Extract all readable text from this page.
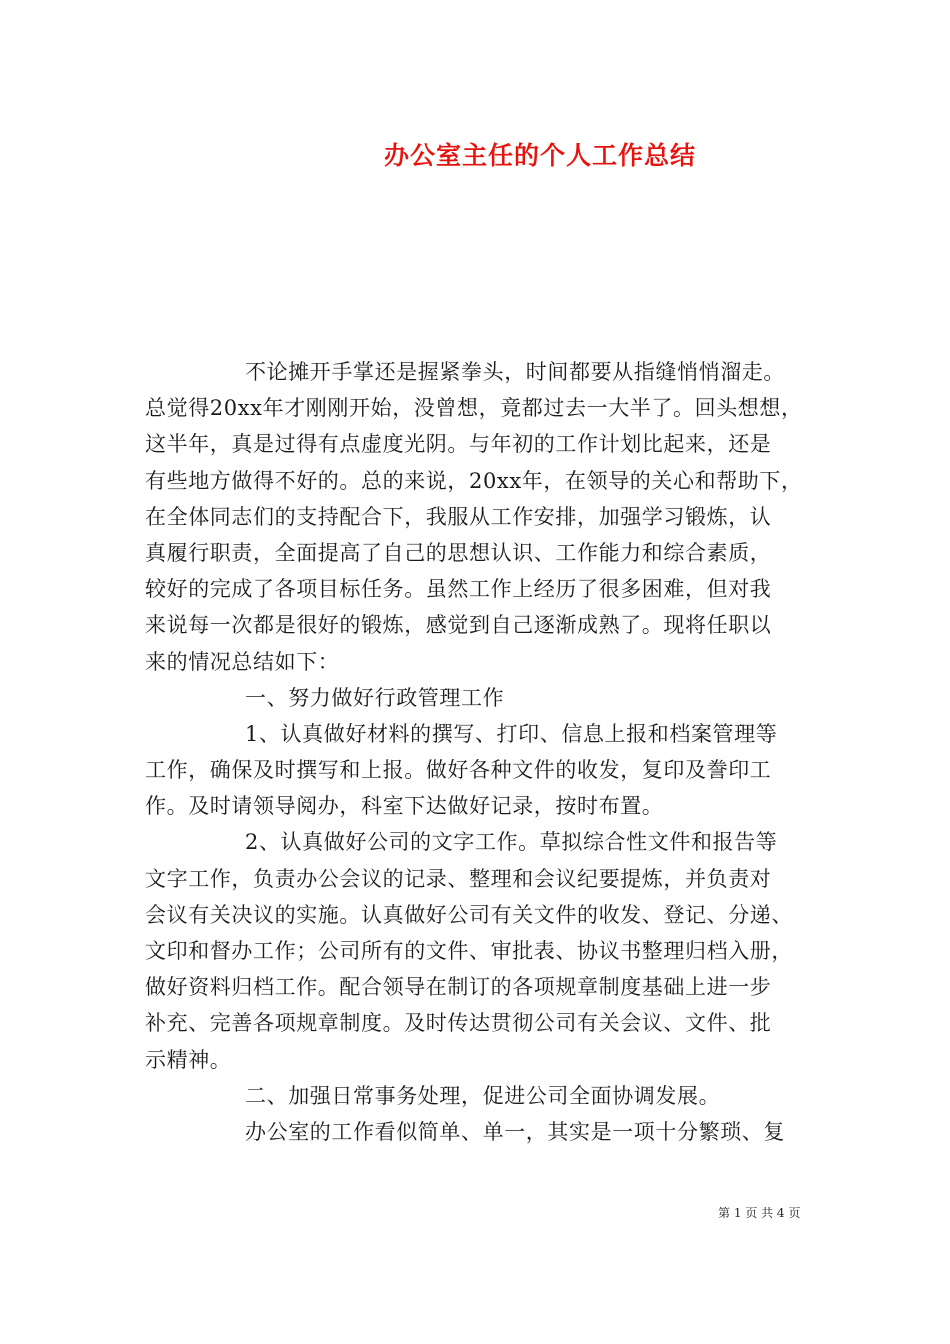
办公室主任的个人工作总结
不论摊开手掌还是握紧拳头，时间都要从指缝悄悄溜走。
总觉得20xx年才刚刚开始，没曾想，竟都过去一大半了。回头想想，
这半年，真是过得有点虚度光阴。与年初的工作计划比起来，还是
有些地方做得不好的。总的来说，20xx年，在领导的关心和帮助下，
在全体同志们的支持配合下，我服从工作安排，加强学习锻炼，认
真履行职责，全面提高了自己的思想认识、工作能力和综合素质，
较好的完成了各项目标任务。虽然工作上经历了很多困难，但对我
来说每一次都是很好的锻炼，感觉到自己逐渐成熟了。现将任职以
来的情况总结如下：
一、努力做好行政管理工作
1、认真做好材料的撰写、打印、信息上报和档案管理等
工作，确保及时撰写和上报。做好各种文件的收发，复印及誊印工
作。及时请领导阅办，科室下达做好记录，按时布置。
2、认真做好公司的文字工作。草拟综合性文件和报告等
文字工作，负责办公会议的记录、整理和会议纪要提炼，并负责对
会议有关决议的实施。认真做好公司有关文件的收发、登记、分递、
文印和督办工作；公司所有的文件、审批表、协议书整理归档入册，
做好资料归档工作。配合领导在制订的各项规章制度基础上进一步
补充、完善各项规章制度。及时传达贯彻公司有关会议、文件、批
示精神。
二、加强日常事务处理，促进公司全面协调发展。
办公室的工作看似简单、单一，其实是一项十分繁琐、复
第 1 页 共 4 页
